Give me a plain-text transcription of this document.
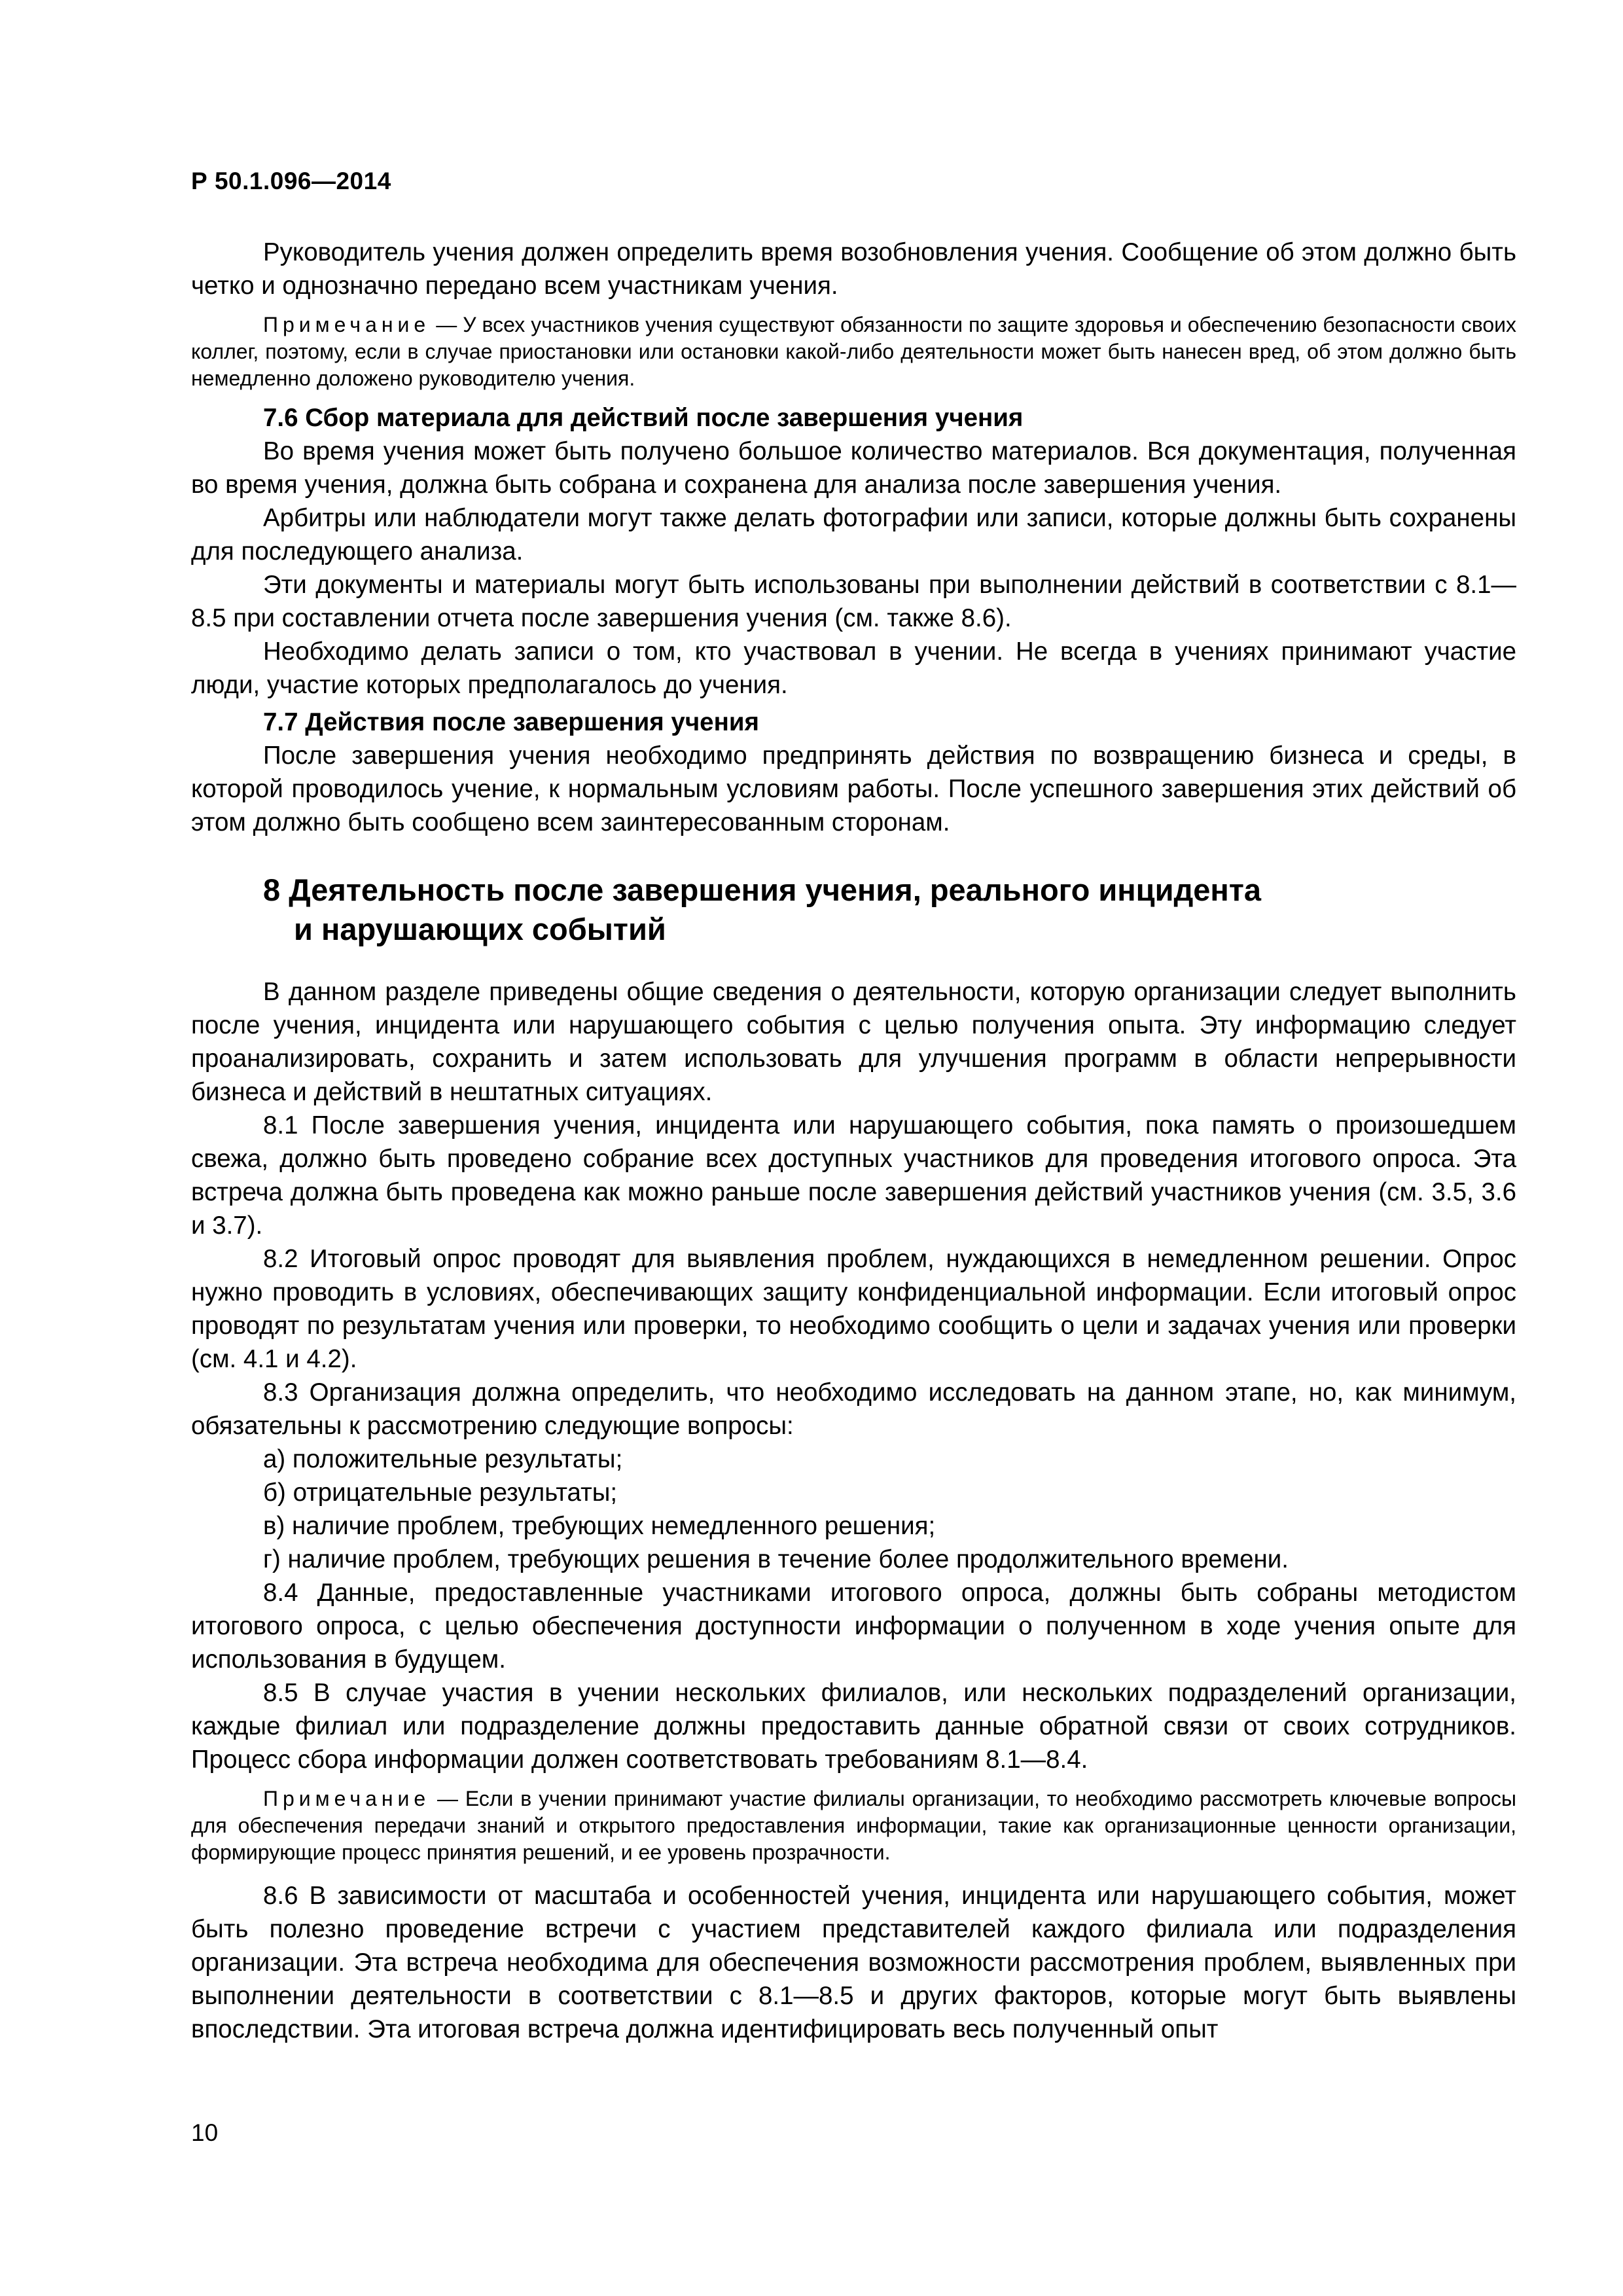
Р 50.1.096—2014

Руководитель учения должен определить время возобновления учения. Сообщение об этом должно быть четко и однозначно передано всем участникам учения.

Примечание — У всех участников учения существуют обязанности по защите здоровья и обеспечению безопасности своих коллег, поэтому, если в случае приостановки или остановки какой-либо деятельности может быть нанесен вред, об этом должно быть немедленно доложено руководителю учения.

7.6 Сбор материала для действий после завершения учения

Во время учения может быть получено большое количество материалов. Вся документация, полученная во время учения, должна быть собрана и сохранена для анализа после завершения учения.

Арбитры или наблюдатели могут также делать фотографии или записи, которые должны быть сохранены для последующего анализа.

Эти документы и материалы могут быть использованы при выполнении действий в соответствии с 8.1—8.5 при составлении отчета после завершения учения (см. также 8.6).

Необходимо делать записи о том, кто участвовал в учении. Не всегда в учениях принимают участие люди, участие которых предполагалось до учения.

7.7 Действия после завершения учения

После завершения учения необходимо предпринять действия по возвращению бизнеса и среды, в которой проводилось учение, к нормальным условиям работы. После успешного завершения этих действий об этом должно быть сообщено всем заинтересованным сторонам.

8 Деятельность после завершения учения, реального инцидента
и нарушающих событий

В данном разделе приведены общие сведения о деятельности, которую организации следует выполнить после учения, инцидента или нарушающего события с целью получения опыта. Эту информацию следует проанализировать, сохранить и затем использовать для улучшения программ в области непрерывности бизнеса и действий в нештатных ситуациях.

8.1 После завершения учения, инцидента или нарушающего события, пока память о произошедшем свежа, должно быть проведено собрание всех доступных участников для проведения итогового опроса. Эта встреча должна быть проведена как можно раньше после завершения действий участников учения (см. 3.5, 3.6 и 3.7).

8.2 Итоговый опрос проводят для выявления проблем, нуждающихся в немедленном решении. Опрос нужно проводить в условиях, обеспечивающих защиту конфиденциальной информации. Если итоговый опрос проводят по результатам учения или проверки, то необходимо сообщить о цели и задачах учения или проверки (см. 4.1 и 4.2).

8.3 Организация должна определить, что необходимо исследовать на данном этапе, но, как минимум, обязательны к рассмотрению следующие вопросы:

а) положительные результаты;

б) отрицательные результаты;

в) наличие проблем, требующих немедленного решения;

г) наличие проблем, требующих решения в течение более продолжительного времени.

8.4 Данные, предоставленные участниками итогового опроса, должны быть собраны методистом итогового опроса, с целью обеспечения доступности информации о полученном в ходе учения опыте для использования в будущем.

8.5 В случае участия в учении нескольких филиалов, или нескольких подразделений организации, каждые филиал или подразделение должны предоставить данные обратной связи от своих сотрудников. Процесс сбора информации должен соответствовать требованиям 8.1—8.4.

Примечание — Если в учении принимают участие филиалы организации, то необходимо рассмотреть ключевые вопросы для обеспечения передачи знаний и открытого предоставления информации, такие как организационные ценности организации, формирующие процесс принятия решений, и ее уровень прозрачности.

8.6 В зависимости от масштаба и особенностей учения, инцидента или нарушающего события, может быть полезно проведение встречи с участием представителей каждого филиала или подразделения организации. Эта встреча необходима для обеспечения возможности рассмотрения проблем, выявленных при выполнении деятельности в соответствии с 8.1—8.5 и других факторов, которые могут быть выявлены впоследствии. Эта итоговая встреча должна идентифицировать весь полученный опыт

10
